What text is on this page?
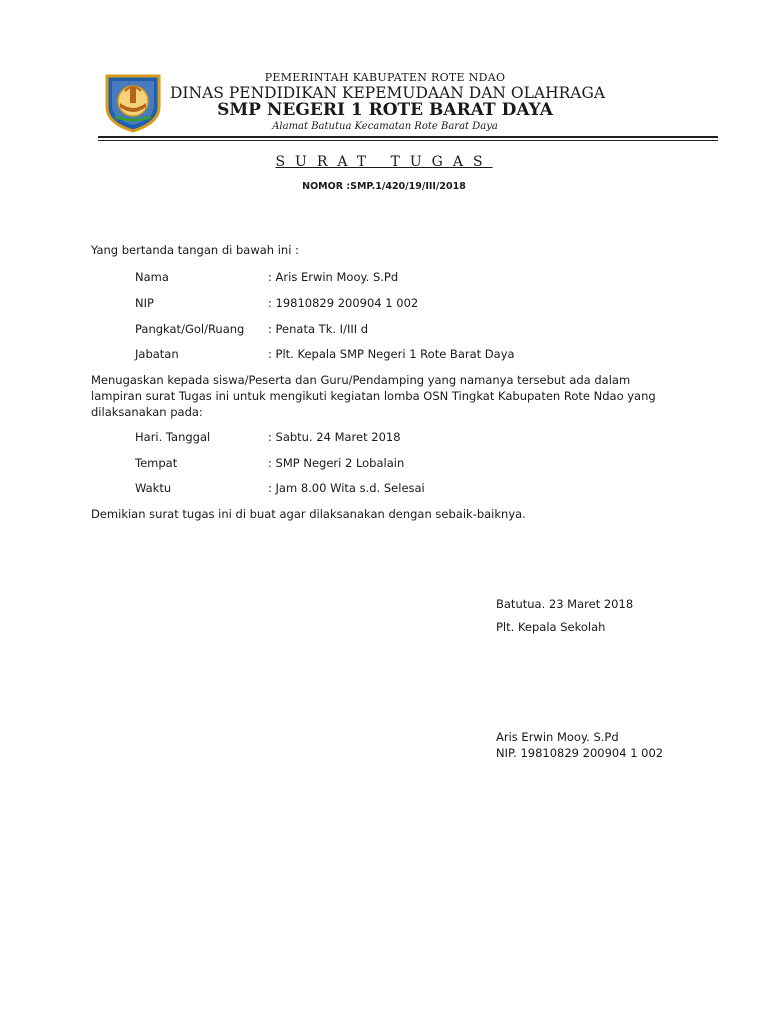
PEMERINTAH KABUPATEN ROTE NDAO
DINAS PENDIDIKAN KEPEMUDAAN DAN OLAHRAGA
SMP NEGERI 1 ROTE BARAT DAYA
Alamat Batutua Kecamatan Rote Barat Daya
SURAT TUGAS
NOMOR :SMP.1/420/19/III/2018
Yang bertanda tangan di bawah ini :
Nama	: Aris Erwin Mooy. S.Pd
NIP	: 19810829 200904 1 002
Pangkat/Gol/Ruang : Penata Tk. I/III d
Jabatan	: Plt. Kepala SMP Negeri 1 Rote Barat Daya
Menugaskan kepada siswa/Peserta dan Guru/Pendamping yang namanya tersebut ada dalam
lampiran surat Tugas ini untuk mengikuti kegiatan lomba OSN Tingkat Kabupaten Rote Ndao yang
dilaksanakan pada:
Hari. Tanggal	: Sabtu. 24 Maret 2018
Tempat	: SMP Negeri 2 Lobalain
Waktu	: Jam 8.00 Wita s.d. Selesai
Demikian surat tugas ini di buat agar dilaksanakan dengan sebaik-baiknya.
Batutua. 23 Maret 2018
Plt. Kepala Sekolah
Aris Erwin Mooy. S.Pd
NIP. 19810829 200904 1 002
